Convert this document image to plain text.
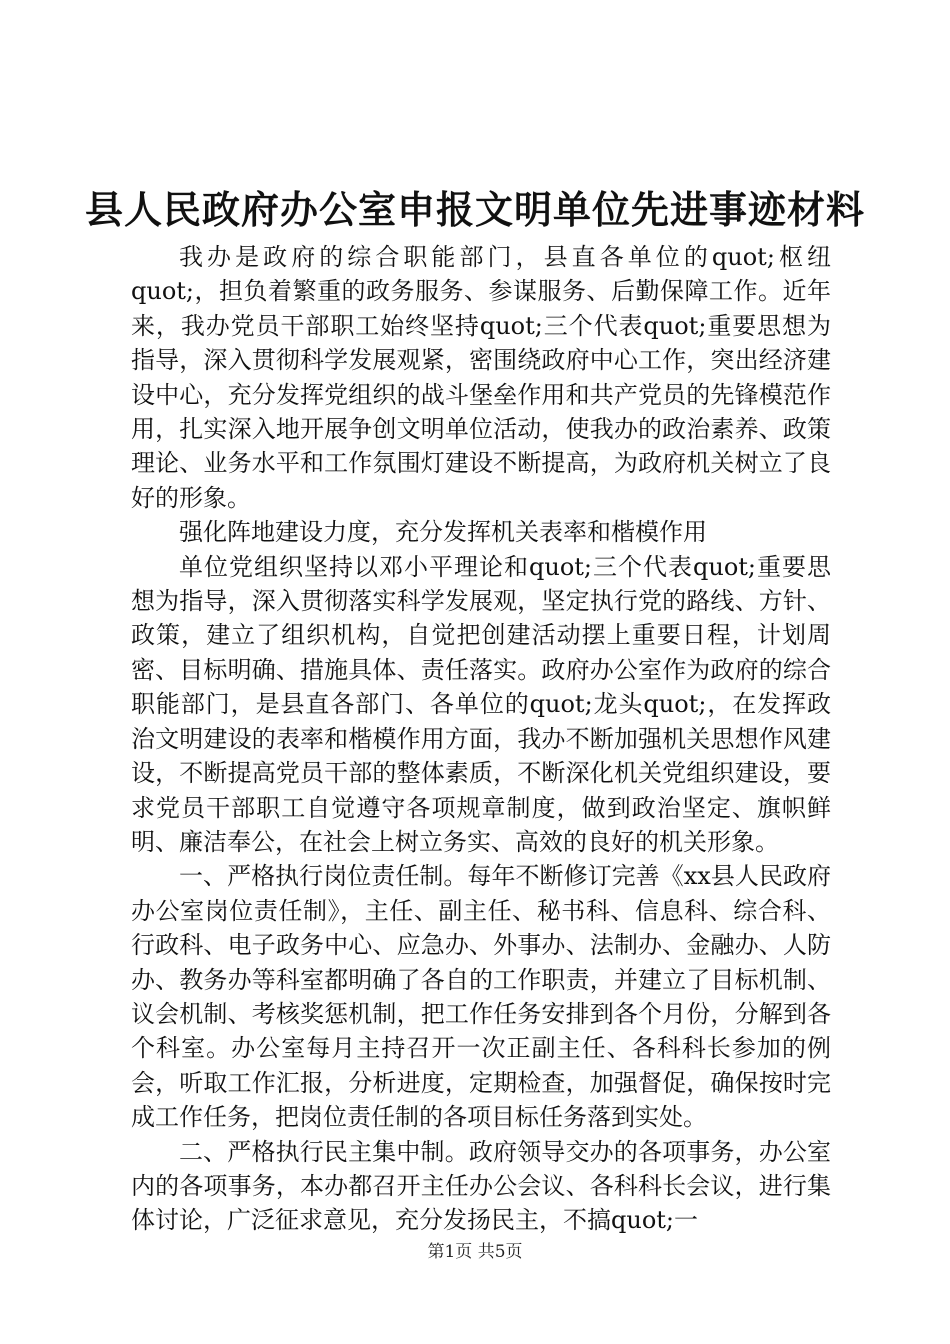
县人民政府办公室申报文明单位先进事迹材料

我办是政府的综合职能部门，县直各单位的quot;枢纽quot;，担负着繁重的政务服务、参谋服务、后勤保障工作。近年来，我办党员干部职工始终坚持quot;三个代表quot;重要思想为指导，深入贯彻科学发展观紧，密围绕政府中心工作，突出经济建设中心，充分发挥党组织的战斗堡垒作用和共产党员的先锋模范作用，扎实深入地开展争创文明单位活动，使我办的政治素养、政策理论、业务水平和工作氛围灯建设不断提高，为政府机关树立了良好的形象。

强化阵地建设力度，充分发挥机关表率和楷模作用

单位党组织坚持以邓小平理论和quot;三个代表quot;重要思想为指导，深入贯彻落实科学发展观，坚定执行党的路线、方针、政策，建立了组织机构，自觉把创建活动摆上重要日程，计划周密、目标明确、措施具体、责任落实。政府办公室作为政府的综合职能部门，是县直各部门、各单位的quot;龙头quot;，在发挥政治文明建设的表率和楷模作用方面，我办不断加强机关思想作风建设，不断提高党员干部的整体素质，不断深化机关党组织建设，要求党员干部职工自觉遵守各项规章制度，做到政治坚定、旗帜鲜明、廉洁奉公，在社会上树立务实、高效的良好的机关形象。

一、严格执行岗位责任制。每年不断修订完善《xx县人民政府办公室岗位责任制》，主任、副主任、秘书科、信息科、综合科、行政科、电子政务中心、应急办、外事办、法制办、金融办、人防办、教务办等科室都明确了各自的工作职责，并建立了目标机制、议会机制、考核奖惩机制，把工作任务安排到各个月份，分解到各个科室。办公室每月主持召开一次正副主任、各科科长参加的例会，听取工作汇报，分析进度，定期检查，加强督促，确保按时完成工作任务，把岗位责任制的各项目标任务落到实处。

二、严格执行民主集中制。政府领导交办的各项事务，办公室内的各项事务，本办都召开主任办公会议、各科科长会议，进行集体讨论，广泛征求意见，充分发扬民主，不搞quot;一

第1页 共5页
